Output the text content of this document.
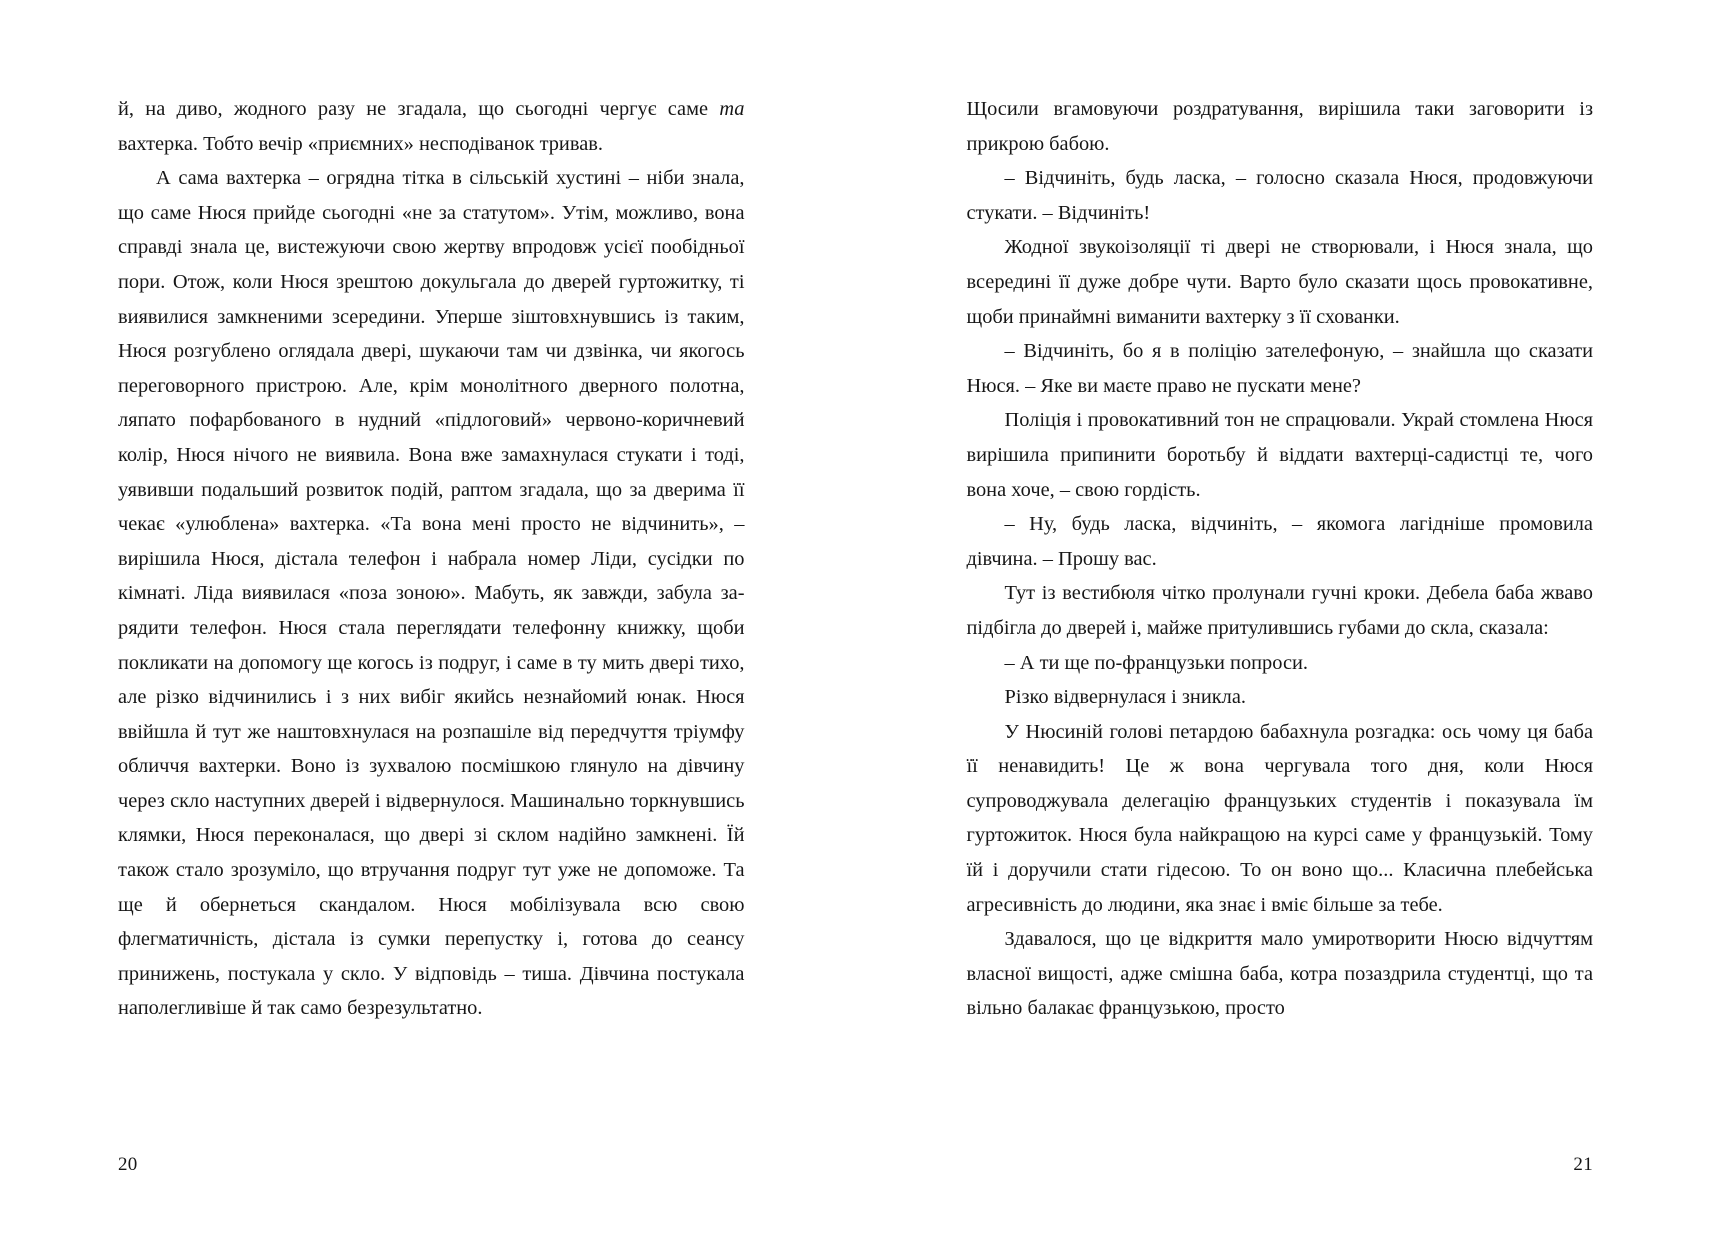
й, на диво, жодного разу не згадала, що сьогодні чергує саме та вахтерка. Тобто вечір «приємних» несподіванок тривав.

А сама вахтерка – огрядна тітка в сільській хустині – ніби знала, що саме Нюся прийде сьогодні «не за статутом». Утім, можливо, вона справді знала це, вистежуючи свою жертву впродовж усієї пообідньої пори. Отож, коли Нюся зрештою докульгала до дверей гуртожитку, ті виявилися замкненими зсередини. Уперше зіштовхнувшись із таким, Нюся розгублено оглядала двері, шукаючи там чи дзвінка, чи якогось переговорного пристрою. Але, крім монолітного дверного полотна, ляпато пофарбованого в нудний «підлоговий» червоно-коричневий колір, Нюся нічого не виявила. Вона вже замахнулася стукати і тоді, уявивши подальший розвиток подій, раптом згадала, що за дверима її чекає «улюблена» вахтерка. «Та вона мені просто не відчинить», – вирішила Нюся, дістала телефон і набрала номер Ліди, сусідки по кімнаті. Ліда виявилася «поза зоною». Мабуть, як завжди, забула зарядити телефон. Нюся стала переглядати телефонну книжку, щоби покликати на допомогу ще когось із подруг, і саме в ту мить двері тихо, але різко відчинились і з них вибіг якийсь незнайомий юнак. Нюся ввійшла й тут же наштовхнулася на розпашіле від передчуття тріумфу обличчя вахтерки. Воно із зухвалою посмішкою глянуло на дівчину через скло наступних дверей і відвернулося. Машинально торкнувшись клямки, Нюся переконалася, що двері зі склом надійно замкнені. Їй також стало зрозуміло, що втручання подруг тут уже не допоможе. Та ще й обернеться скандалом. Нюся мобілізувала всю свою флегматичність, дістала із сумки перепустку і, готова до сеансу принижень, постукала у скло. У відповідь – тиша. Дівчина постукала наполегливіше й так само безрезультатно.

20

Щосили вгамовуючи роздратування, вирішила таки заговорити із прикрою бабою.

– Відчиніть, будь ласка, – голосно сказала Нюся, продовжуючи стукати. – Відчиніть!

Жодної звукоізоляції ті двері не створювали, і Нюся знала, що всередині її дуже добре чути. Варто було сказати щось провокативне, щоби принаймні виманити вахтерку з її схованки.

– Відчиніть, бо я в поліцію зателефоную, – знайшла що сказати Нюся. – Яке ви маєте право не пускати мене?

Поліція і провокативний тон не спрацювали. Украй стомлена Нюся вирішила припинити боротьбу й віддати вахтерці-садистці те, чого вона хоче, – свою гордість.

– Ну, будь ласка, відчиніть, – якомога лагідніше промовила дівчина. – Прошу вас.

Тут із вестибюля чітко пролунали гучні кроки. Дебела баба жваво підбігла до дверей і, майже притулившись губами до скла, сказала:

– А ти ще по-французьки попроси.

Різко відвернулася і зникла.

У Нюсиній голові петардою бабахнула розгадка: ось чому ця баба її ненавидить! Це ж вона чергувала того дня, коли Нюся супроводжувала делегацію французьких студентів і показувала їм гуртожиток. Нюся була найкращою на курсі саме у французькій. Тому їй і доручили стати гідесою. То он воно що... Класична плебейська агресивність до людини, яка знає і вміє більше за тебе.

Здавалося, що це відкриття мало умиротворити Нюсю відчуттям власної вищості, адже смішна баба, котра позаздрила студентці, що та вільно балакає французькою, просто

21
